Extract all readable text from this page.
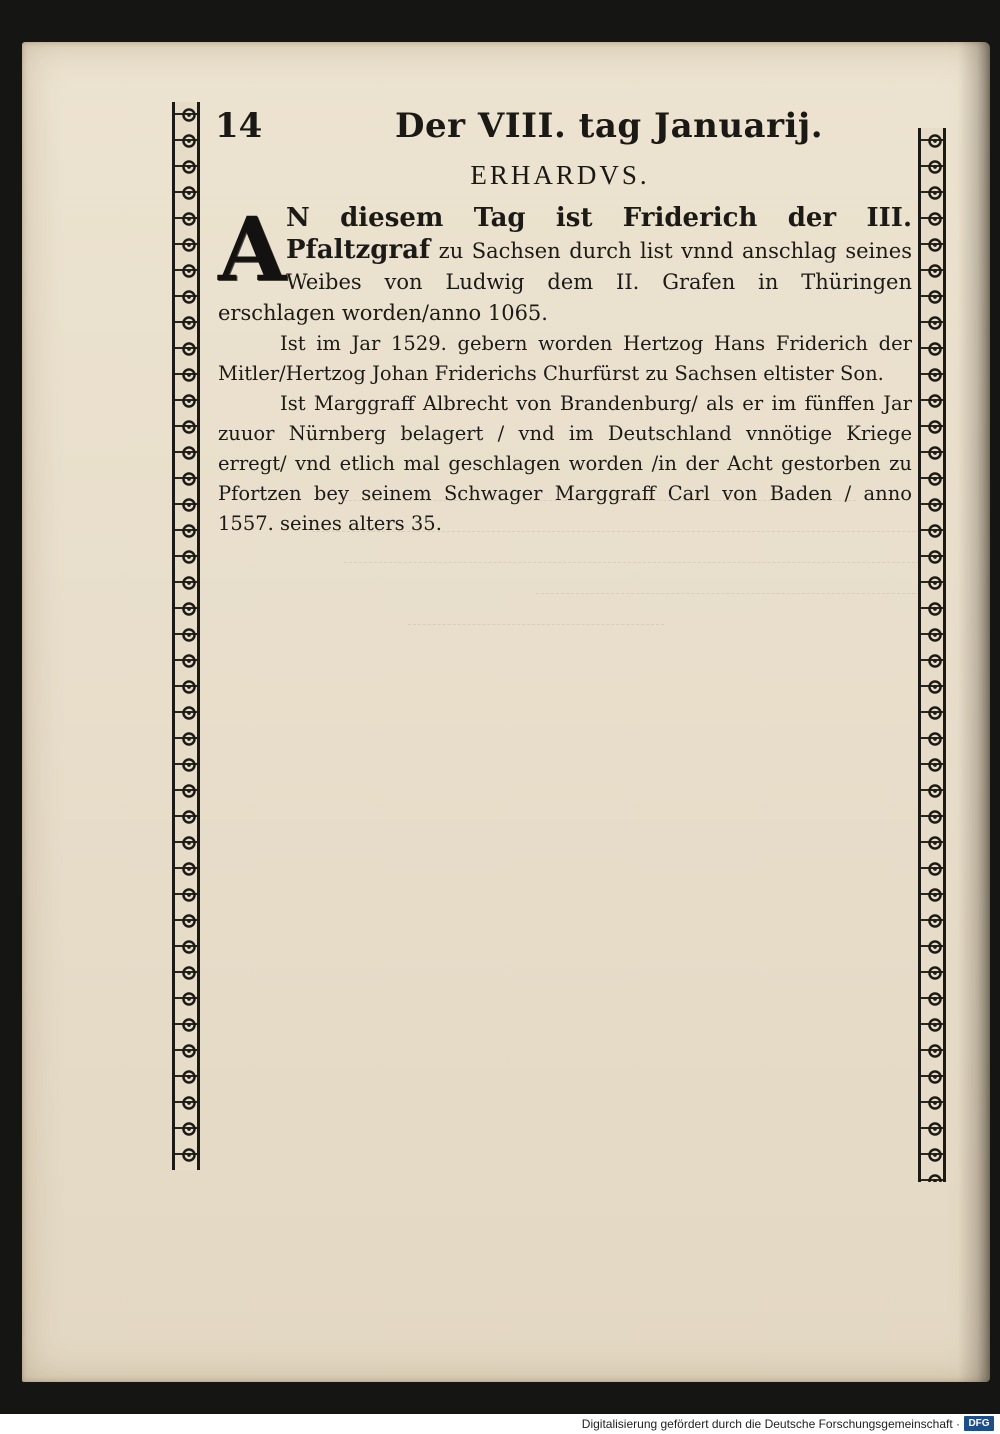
14	Der VIII. tag Januarij.
ERHARDVS.

A N diesem Tag ist Friderich der III. Pfaltzgraf zu Sachsen durch list vnnd anschlag seines Weibes von Ludwig dem II. Grafen in Thüringen erschlagen worden/anno 1065.

Ist im Jar 1529. gebern worden Hertzog Hans Friderich der Mitler/Hertzog Johan Friderichs Churfürst zu Sachsen eltister Son.

Ist Marggraff Albrecht von Brandenburg/ als er im fünffen Jar zuuor Nürnberg belagert / vnd im Deutschland vnnötige Kriege erregt/ vnd etlich mal geschlagen worden /in der Acht gestorben zu Pfortzen bey seinem Schwager Marggraff Carl von Baden / anno 1557. seines alters 35.

Digitalisierung gefördert durch die Deutsche Forschungsgemeinschaft · DFG
